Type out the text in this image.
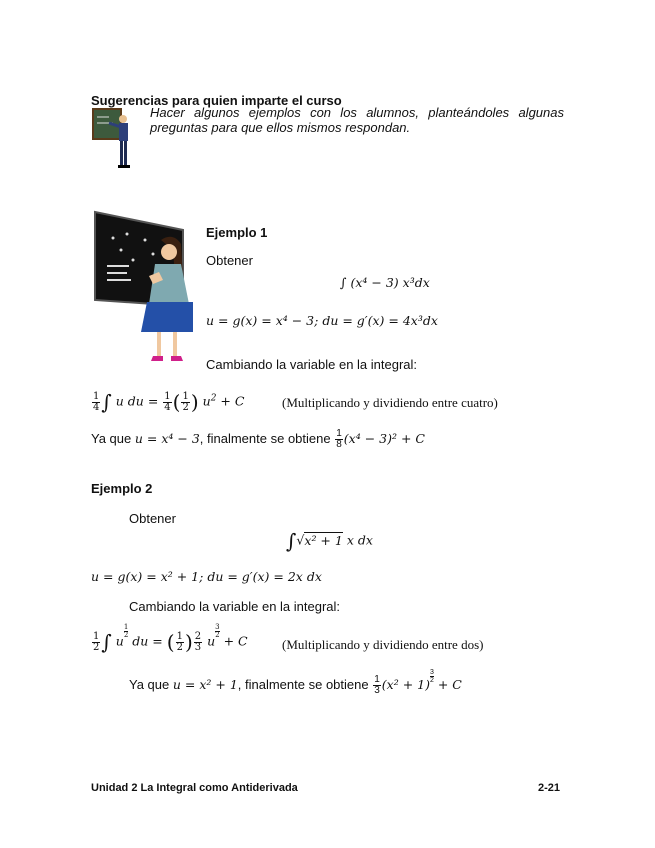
Sugerencias para quien imparte el curso
Hacer algunos ejemplos con los alumnos, planteándoles algunas preguntas para que ellos mismos respondan.
Ejemplo 1
Obtener
∫ (x⁴ − 3) x³dx
u = g(x) = x⁴ − 3; du = g′(x) = 4x³dx
Cambiando la variable en la integral:
$\frac{1}{4}$ ∫ u du = $\frac{1}{4}$ ( $\frac{1}{2}$ ) $u^2 + C$	(Multiplicando y dividiendo entre cuatro)
Ya que u = x⁴ − 3, finalmente se obtiene $\frac{1}{8} (x^4 - 3)^2 + C$
Ejemplo 2
Obtener
∫√x² + 1 x dx
u = g(x) = x² + 1; du = g′(x) = 2x dx
Cambiando la variable en la integral:
$\frac{1}{2}$ ∫ u
$\frac{1}{2}$
du = ( $\frac{1}{2}$ ) $\frac{2}{3}$ u
$\frac{3}{2}$
+ C	(Multiplicando y dividiendo entre dos)
Ya que u = x² + 1, finalmente se obtiene $\frac{1}{3} (x^2 + 1)$
$\frac{3}{2}$
+ C
Unidad 2 La Integral como Antiderivada	2-21
